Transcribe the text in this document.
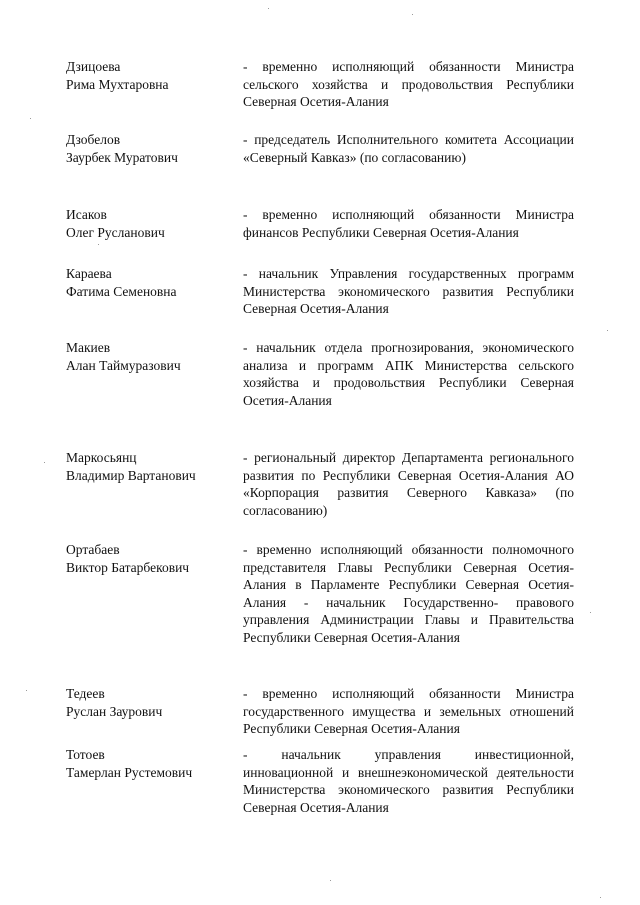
Дзицоева
Рима Мухтаровна
- временно исполняющий обязанности Министра сельского хозяйства и продовольствия Республики Северная Осетия-Алания
Дзобелов
Заурбек Муратович
- председатель Исполнительного комитета Ассоциации «Северный Кавказ» (по согласованию)
Исаков
Олег Русланович
- временно исполняющий обязанности Министра финансов Республики Северная Осетия-Алания
Караева
Фатима Семеновна
- начальник Управления государственных программ Министерства экономического развития Республики Северная Осетия-Алания
Макиев
Алан Таймуразович
- начальник отдела прогнозирования, экономического анализа и программ АПК Министерства сельского хозяйства и продовольствия Республики Северная Осетия-Алания
Маркосьянц
Владимир Вартанович
- региональный директор Департамента регионального развития по Республики Северная Осетия-Алания АО «Корпорация развития Северного Кавказа» (по согласованию)
Ортабаев
Виктор Батарбекович
- временно исполняющий обязанности полномочного представителя Главы Республики Северная Осетия-Алания в Парламенте Республики Северная Осетия-Алания - начальник Государственно- правового управления Администрации Главы и Правительства Республики Северная Осетия-Алания
Тедеев
Руслан Заурович
- временно исполняющий обязанности Министра государственного имущества и земельных отношений Республики Северная Осетия-Алания
Тотоев
Тамерлан Рустемович
- начальник управления инвестиционной, инновационной и внешнеэкономической деятельности Министерства экономического развития Республики Северная Осетия-Алания
